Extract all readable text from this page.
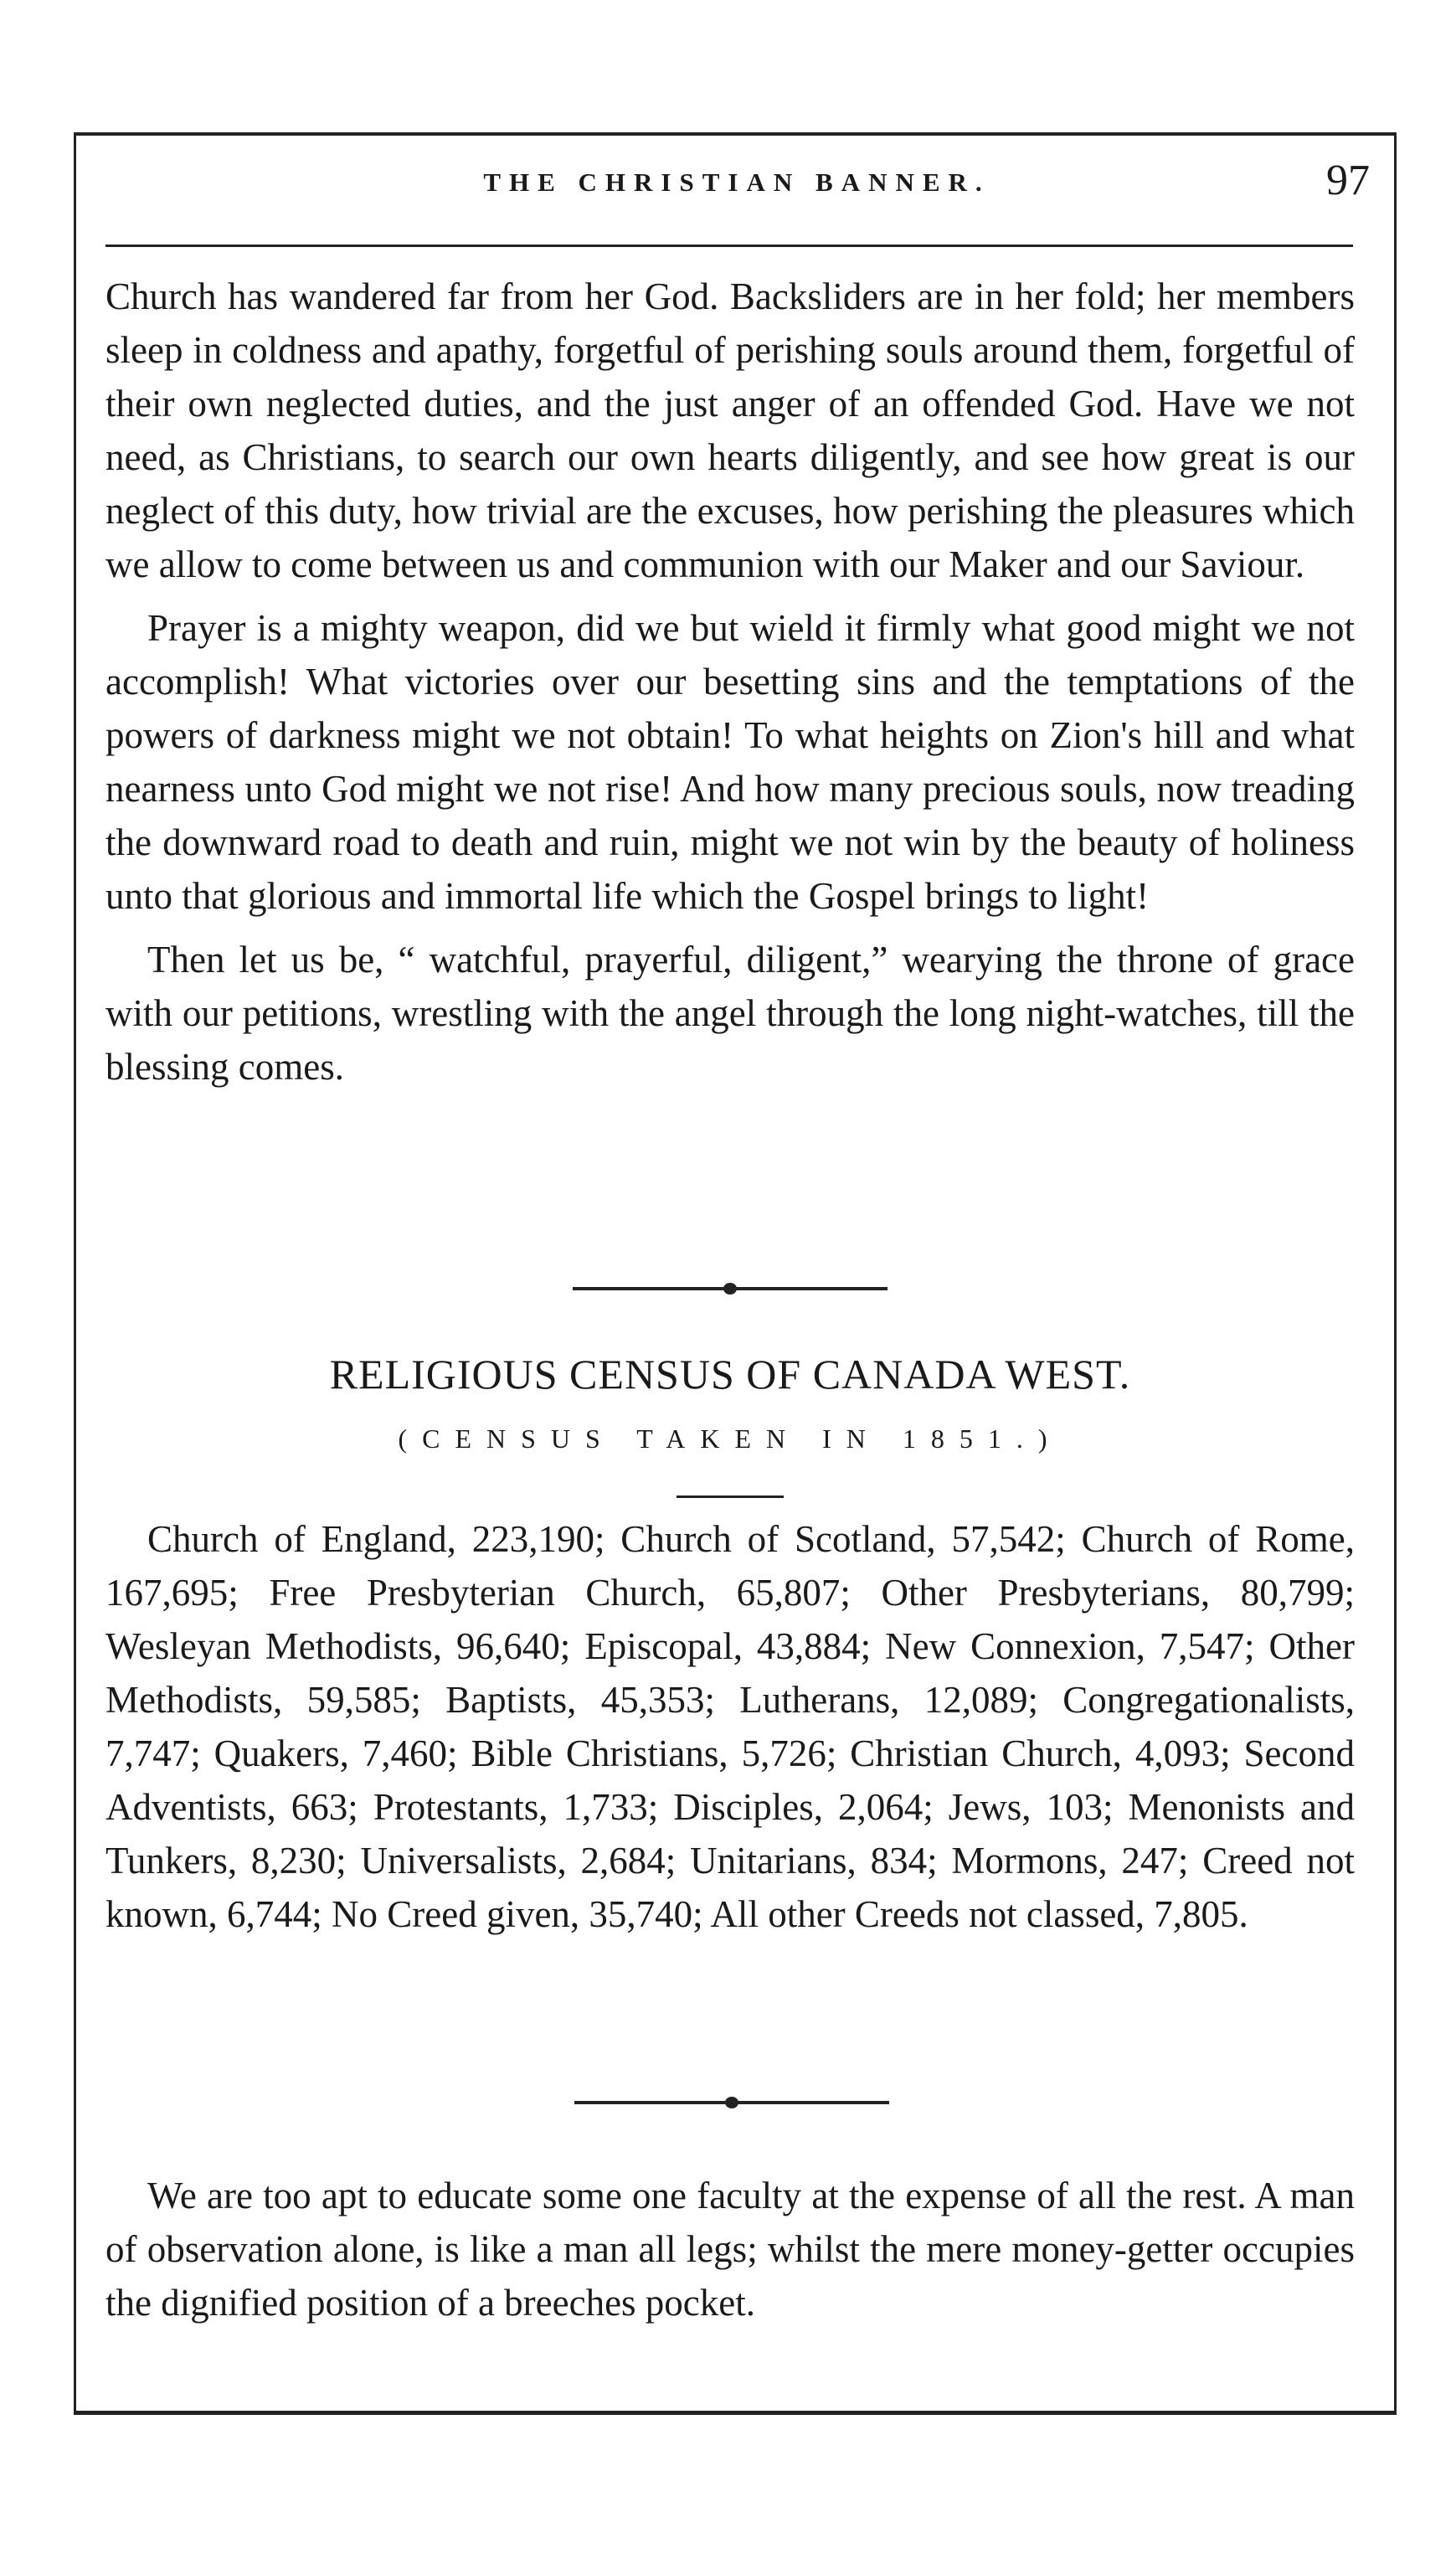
THE CHRISTIAN BANNER.	97

Church has wandered far from her God. Backsliders are in her fold; her members sleep in coldness and apathy, forgetful of perishing souls around them, forgetful of their own neglected duties, and the just anger of an offended God. Have we not need, as Christians, to search our own hearts diligently, and see how great is our neglect of this duty, how trivial are the excuses, how perishing the pleasures which we allow to come between us and communion with our Maker and our Saviour.

Prayer is a mighty weapon, did we but wield it firmly what good might we not accomplish! What victories over our besetting sins and the temptations of the powers of darkness might we not obtain! To what heights on Zion's hill and what nearness unto God might we not rise! And how many precious souls, now treading the downward road to death and ruin, might we not win by the beauty of holiness unto that glorious and immortal life which the Gospel brings to light!

Then let us be, “ watchful, prayerful, diligent,” wearying the throne of grace with our petitions, wrestling with the angel through the long night-watches, till the blessing comes.

RELIGIOUS CENSUS OF CANADA WEST.
(CENSUS TAKEN IN 1851.)

Church of England, 223,190; Church of Scotland, 57,542; Church of Rome, 167,695; Free Presbyterian Church, 65,807; Other Presbyterians, 80,799; Wesleyan Methodists, 96,640; Episcopal, 43,884; New Connexion, 7,547; Other Methodists, 59,585; Baptists, 45,353; Lutherans, 12,089; Congregationalists, 7,747; Quakers, 7,460; Bible Christians, 5,726; Christian Church, 4,093; Second Adventists, 663; Protestants, 1,733; Disciples, 2,064; Jews, 103; Menonists and Tunkers, 8,230; Universalists, 2,684; Unitarians, 834; Mormons, 247; Creed not known, 6,744; No Creed given, 35,740; All other Creeds not classed, 7,805.

We are too apt to educate some one faculty at the expense of all the rest. A man of observation alone, is like a man all legs; whilst the mere money-getter occupies the dignified position of a breeches pocket.
